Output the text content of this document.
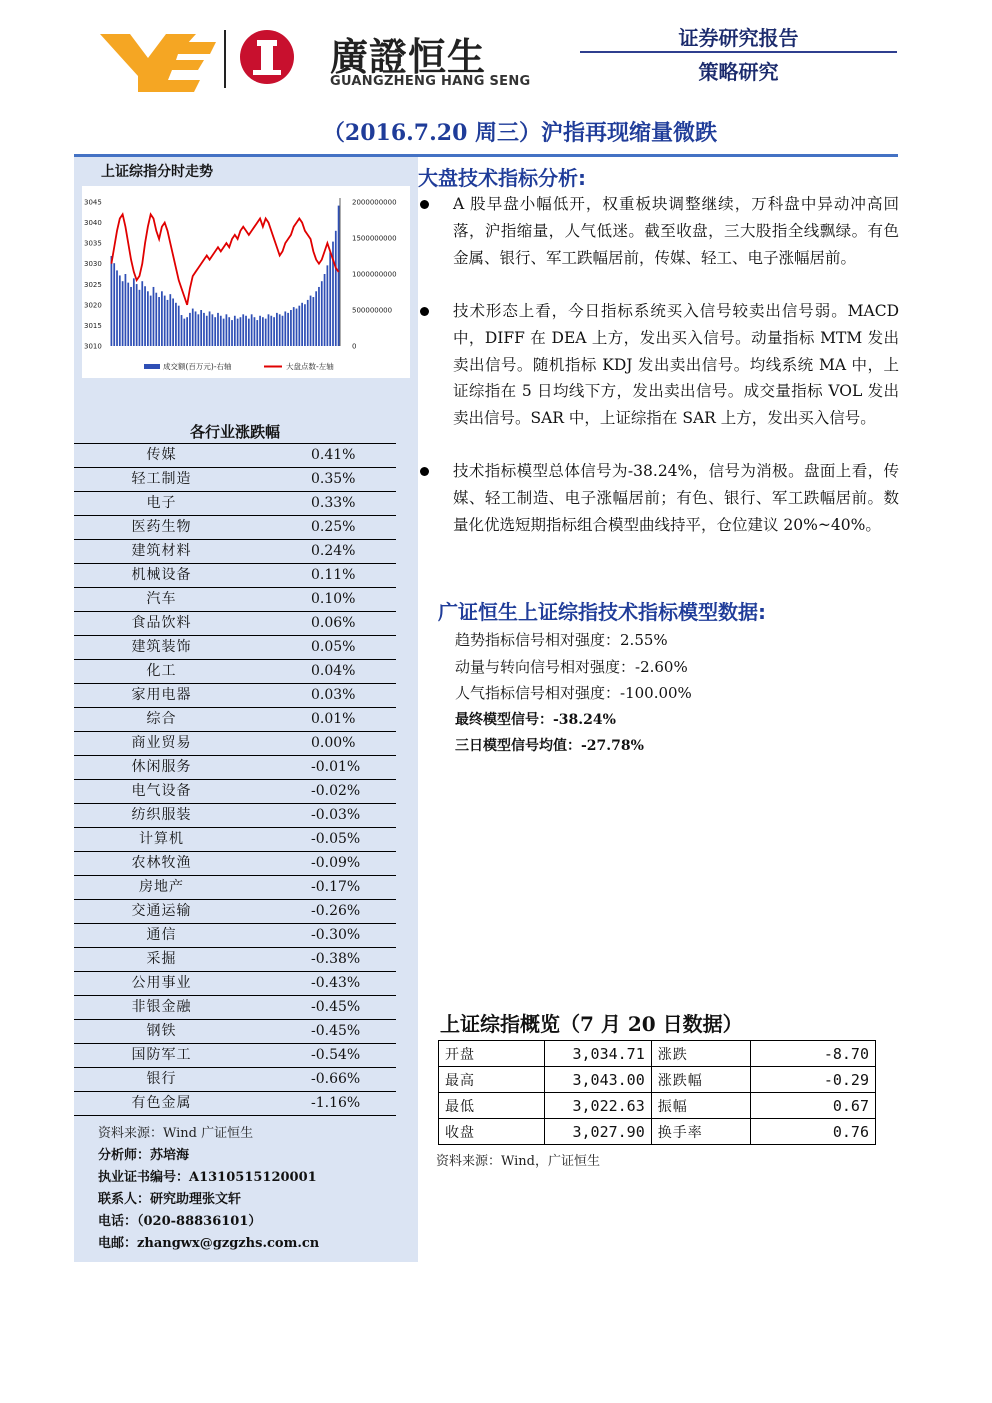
廣證恒生
GUANGZHENG HANG SENG
证券研究报告
策略研究
（2016.7.20 周三）沪指再现缩量微跌
上证综指分时走势
3045
3040
3035
3030
3025
3020
3015
3010
2000000000
1500000000
1000000000
500000000
0
成交额(百万元)-右轴	大盘点数-左轴
各行业涨跌幅
传媒	0.41%
轻工制造	0.35%
电子	0.33%
医药生物	0.25%
建筑材料	0.24%
机械设备	0.11%
汽车	0.10%
食品饮料	0.06%
建筑装饰	0.05%
化工	0.04%
家用电器	0.03%
综合	0.01%
商业贸易	0.00%
休闲服务	-0.01%
电气设备	-0.02%
纺织服装	-0.03%
计算机	-0.05%
农林牧渔	-0.09%
房地产	-0.17%
交通运输	-0.26%
通信	-0.30%
采掘	-0.38%
公用事业	-0.43%
非银金融	-0.45%
钢铁	-0.45%
国防军工	-0.54%
银行	-0.66%
有色金属	-1.16%
资料来源：Wind 广证恒生
分析师：苏培海
执业证书编号：A1310515120001
联系人：研究助理张文轩
电话：（020-88836101）
电邮：zhangwx@gzgzhs.com.cn
大盘技术指标分析:
A 股早盘小幅低开，权重板块调整继续，万科盘中异动冲高回落，沪指缩量，人气低迷。截至收盘，三大股指全线飘绿。有色金属、银行、军工跌幅居前，传媒、轻工、电子涨幅居前。
技术形态上看，今日指标系统买入信号较卖出信号弱。MACD 中，DIFF 在 DEA 上方，发出买入信号。动量指标 MTM 发出卖出信号。随机指标 KDJ 发出卖出信号。均线系统 MA 中，上证综指在 5 日均线下方，发出卖出信号。成交量指标 VOL 发出卖出信号。SAR 中，上证综指在 SAR 上方，发出买入信号。
技术指标模型总体信号为-38.24%，信号为消极。盘面上看，传媒、轻工制造、电子涨幅居前；有色、银行、军工跌幅居前。数量化优选短期指标组合模型曲线持平，仓位建议 20%~40%。
广证恒生上证综指技术指标模型数据:
趋势指标信号相对强度：2.55%
动量与转向信号相对强度：-2.60%
人气指标信号相对强度：-100.00%
最终模型信号：-38.24%
三日模型信号均值：-27.78%
上证综指概览（7 月 20 日数据）
开盘	3,034.71	涨跌	-8.70
最高	3,043.00	涨跌幅	-0.29
最低	3,022.63	振幅	0.67
收盘	3,027.90	换手率	0.76
资料来源：Wind，广证恒生
